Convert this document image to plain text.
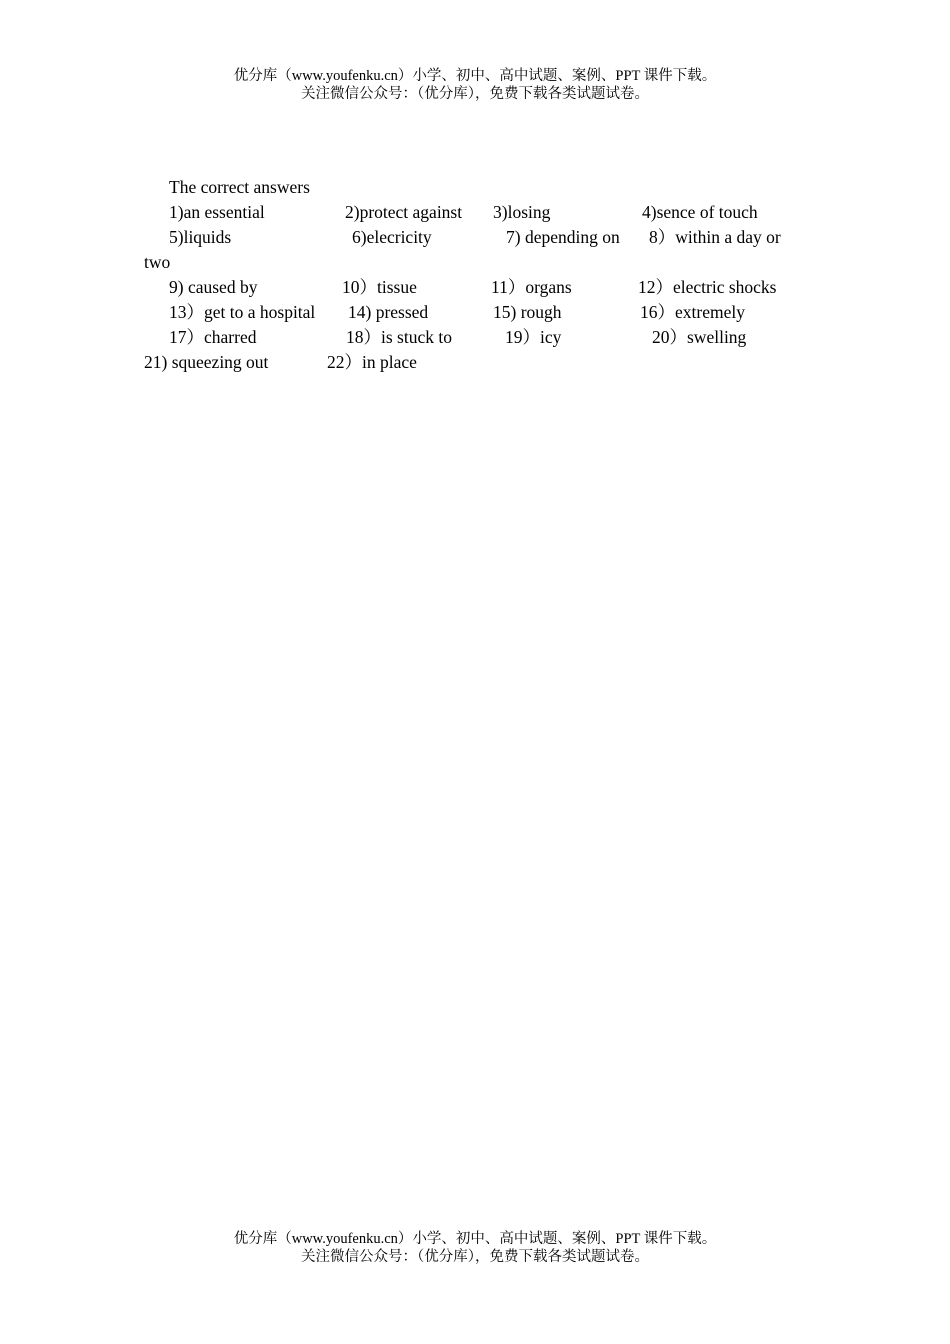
优分库（www.youfenku.cn）小学、初中、高中试题、案例、PPT 课件下载。
关注微信公众号：（优分库），免费下载各类试题试卷。
The correct answers
1)an essential	2)protect against 3)losing	4)sence of touch
5)liquids	6)elecricity	7) depending on 8）within a day or
two
9) caused by	10）tissue	11）organs	12）electric shocks
13）get to a hospital 14) pressed	15) rough	16）extremely
17）charred	18）is stuck to	19）icy	20）swelling
21) squeezing out	22）in place
优分库（www.youfenku.cn）小学、初中、高中试题、案例、PPT 课件下载。
关注微信公众号：（优分库），免费下载各类试题试卷。
